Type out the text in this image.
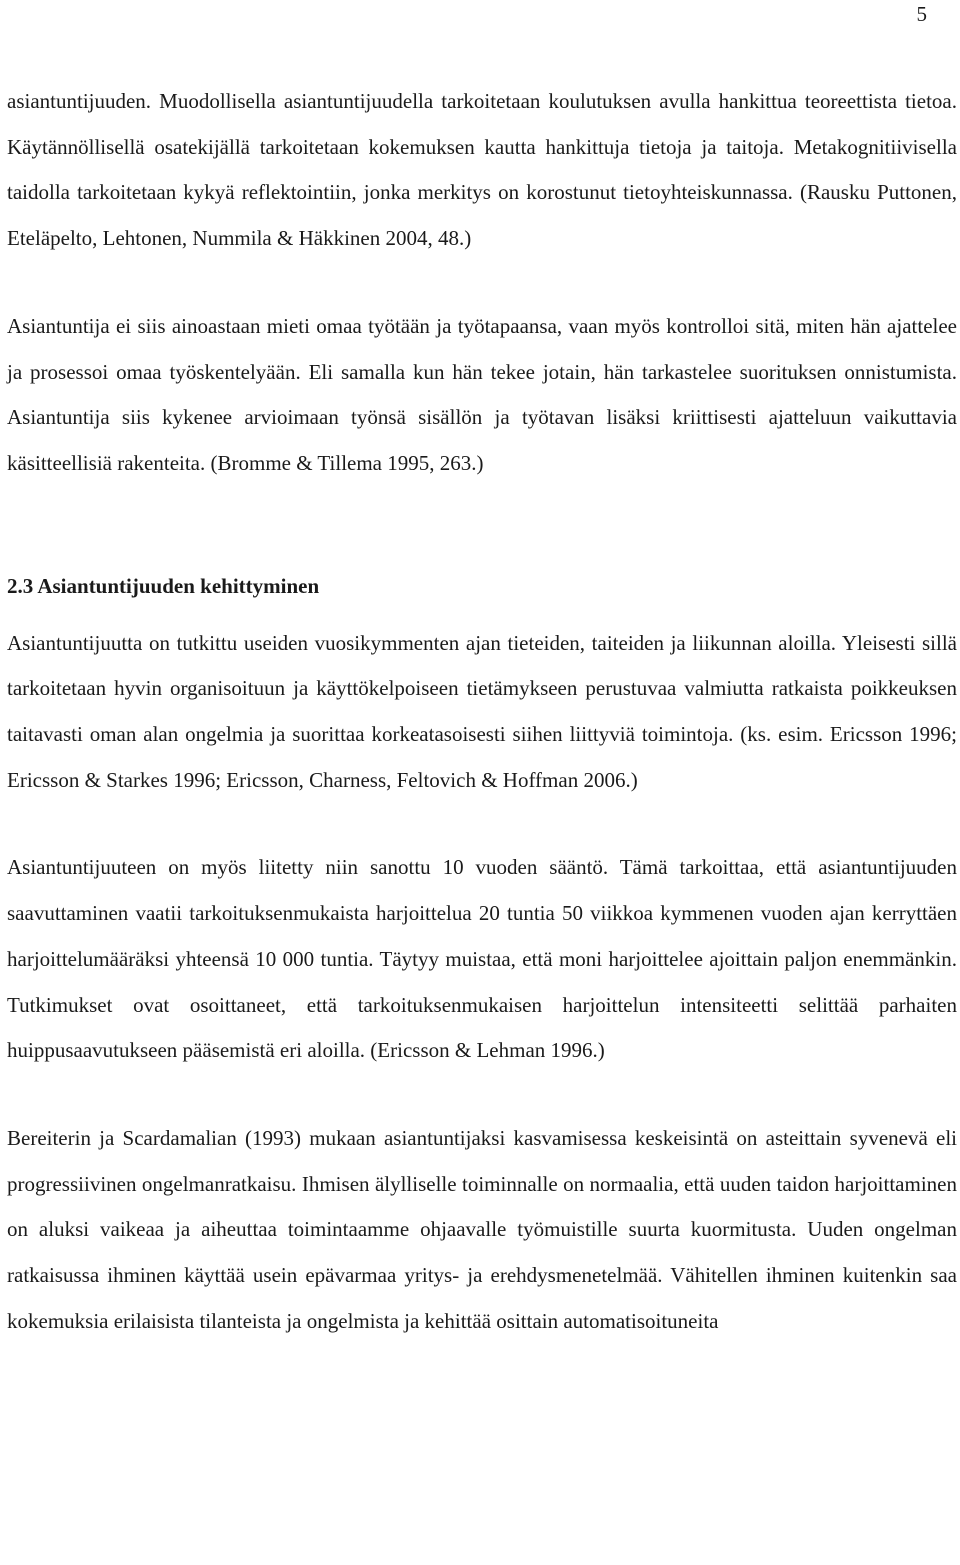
5

asiantuntijuuden. Muodollisella asiantuntijuudella tarkoitetaan koulutuksen avulla hankittua teoreettista tietoa. Käytännöllisellä osatekijällä tarkoitetaan kokemuksen kautta hankittuja tietoja ja taitoja. Metakognitiivisella taidolla tarkoitetaan kykyä reflektointiin, jonka merkitys on korostunut tietoyhteiskunnassa. (Rausku Puttonen, Eteläpelto, Lehtonen, Nummila & Häkkinen 2004, 48.)

Asiantuntija ei siis ainoastaan mieti omaa työtään ja työtapaansa, vaan myös kontrolloi sitä, miten hän ajattelee ja prosessoi omaa työskentelyään. Eli samalla kun hän tekee jotain, hän tarkastelee suorituksen onnistumista. Asiantuntija siis kykenee arvioimaan työnsä sisällön ja työtavan lisäksi kriittisesti ajatteluun vaikuttavia käsitteellisiä rakenteita. (Bromme & Tillema 1995, 263.)

2.3 Asiantuntijuuden kehittyminen

Asiantuntijuutta on tutkittu useiden vuosikymmenten ajan tieteiden, taiteiden ja liikunnan aloilla. Yleisesti sillä tarkoitetaan hyvin organisoituun ja käyttökelpoiseen tietämykseen perustuvaa valmiutta ratkaista poikkeuksen taitavasti oman alan ongelmia ja suorittaa korkeatasoisesti siihen liittyviä toimintoja. (ks. esim. Ericsson 1996; Ericsson & Starkes 1996; Ericsson, Charness, Feltovich & Hoffman 2006.)

Asiantuntijuuteen on myös liitetty niin sanottu 10 vuoden sääntö. Tämä tarkoittaa, että asiantuntijuuden saavuttaminen vaatii tarkoituksenmukaista harjoittelua 20 tuntia 50 viikkoa kymmenen vuoden ajan kerryttäen harjoittelumääräksi yhteensä 10 000 tuntia. Täytyy muistaa, että moni harjoittelee ajoittain paljon enemmänkin. Tutkimukset ovat osoittaneet, että tarkoituksenmukaisen harjoittelun intensiteetti selittää parhaiten huippusaavutukseen pääsemistä eri aloilla. (Ericsson & Lehman 1996.)

Bereiterin ja Scardamalian (1993) mukaan asiantuntijaksi kasvamisessa keskeisintä on asteittain syvenevä eli progressiivinen ongelmanratkaisu. Ihmisen älylliselle toiminnalle on normaalia, että uuden taidon harjoittaminen on aluksi vaikeaa ja aiheuttaa toimintaamme ohjaavalle työmuistille suurta kuormitusta. Uuden ongelman ratkaisussa ihminen käyttää usein epävarmaa yritys- ja erehdysmenetelmää. Vähitellen ihminen kuitenkin saa kokemuksia erilaisista tilanteista ja ongelmista ja kehittää osittain automatisoituneita
